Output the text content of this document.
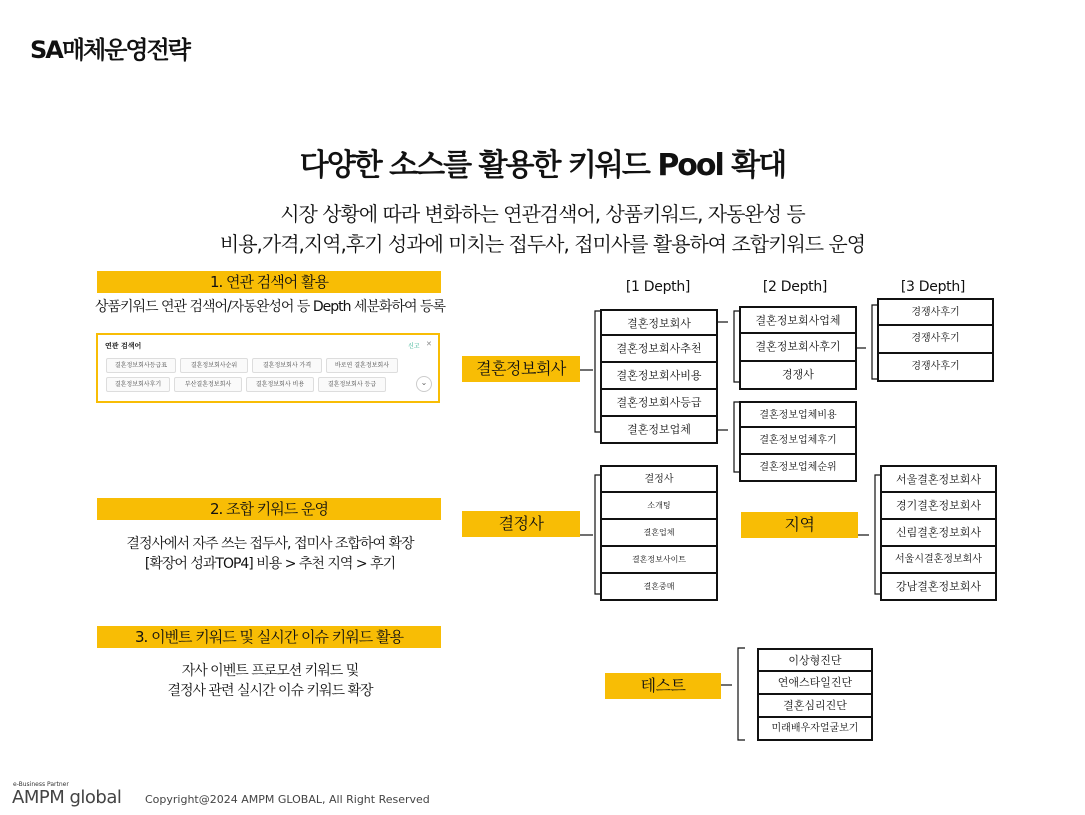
SA매체운영전략
다양한 소스를 활용한 키워드 Pool 확대
시장 상황에 따라 변화하는 연관검색어, 상품키워드, 자동완성 등
비용,가격,지역,후기 성과에 미치는 접두사, 접미사를 활용하여 조합키워드 운영
1. 연관 검색어 활용
상품키워드 연관 검색어/자동완성어 등 Depth 세분화하여 등록
연관 검색어	신고 ✕
결혼정보회사등급표	결혼정보회사순위	결혼정보회사 가격	바로연 결혼정보회사
결혼정보회사후기	부산결혼정보회사	결혼정보회사 비용	결혼정보회사 등급	⌄
2. 조합 키워드 운영
결정사에서 자주 쓰는 접두사, 접미사 조합하여 확장
[확장어 성과TOP4] 비용 > 추천 지역 > 후기
3. 이벤트 키워드 및 실시간 이슈 키워드 활용
자사 이벤트 프로모션 키워드 및
결정사 관련 실시간 이슈 키워드 확장
[1 Depth]	[2 Depth]	[3 Depth]
결혼정보회사
결혼정보회사
결혼정보회사추천
결혼정보회사비용
결혼정보회사등급
결혼정보업체
결혼정보회사업체
결혼정보회사후기
경쟁사
결혼정보업체비용
결혼정보업체후기
결혼정보업체순위
경쟁사후기
경쟁사후기
경쟁사후기
결정사
결정사
소개팅
결혼업체
결혼정보사이트
결혼중매
지역
서울결혼정보회사
경기결혼정보회사
신림결혼정보회사
서울시결혼정보회사
강남결혼정보회사
테스트
이상형진단
연애스타일진단
결혼심리진단
미래배우자얼굴보기
e-Business Partner
AMPM global Copyright@2024 AMPM GLOBAL, All Right Reserved
